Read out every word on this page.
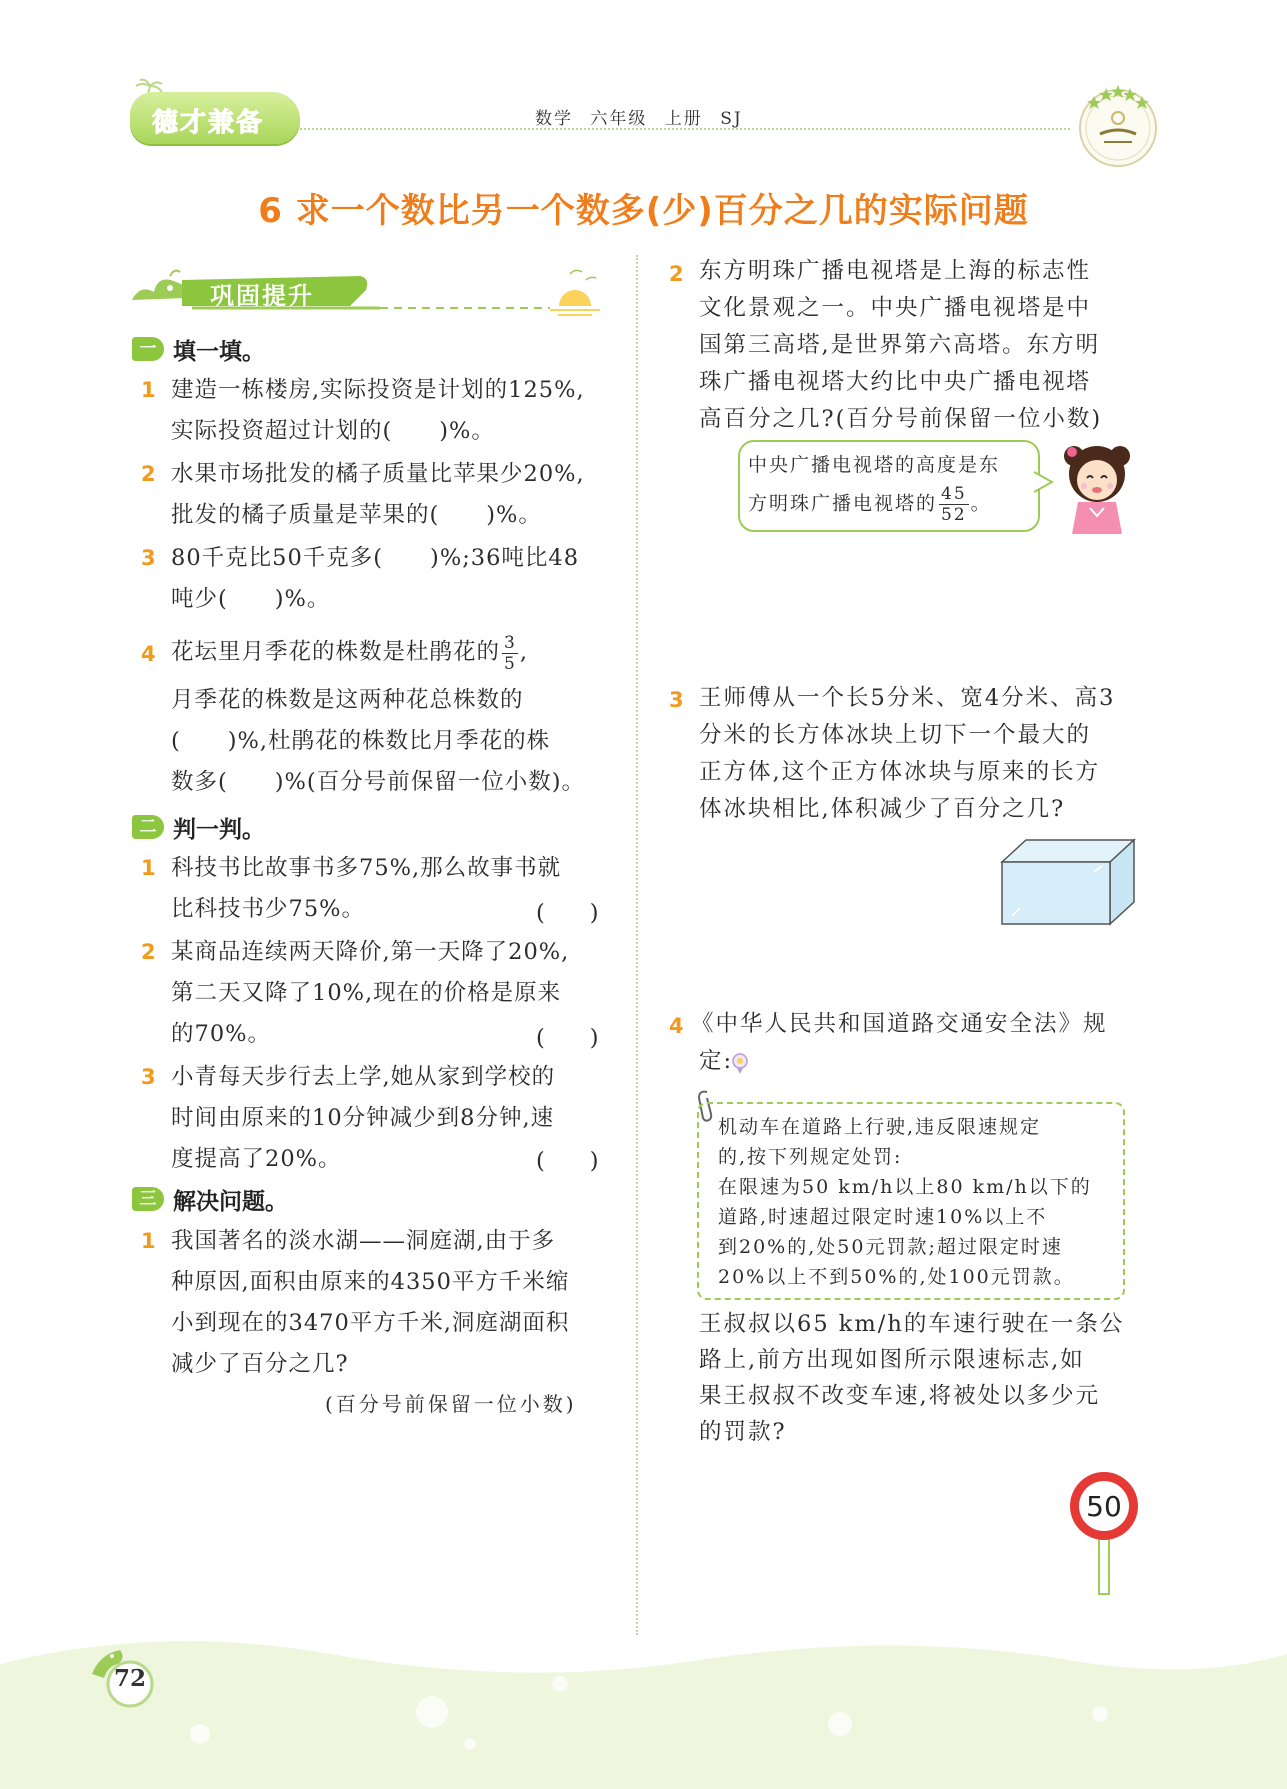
德才兼备	数学 六年级 上册 SJ
6 求一个数比另一个数多(少)百分之几的实际问题
巩固提升
一 填一填。
1 建造一栋楼房,实际投资是计划的125%,
实际投资超过计划的(　　)%。
2 水果市场批发的橘子质量比苹果少20%,
批发的橘子质量是苹果的(　　)%。
3 80千克比50千克多(　　)%;36吨比48
吨少(　　)%。
4 花坛里月季花的株数是杜鹃花的 $\frac{3}{5}$ ,
月季花的株数是这两种花总株数的
(　　)%,杜鹃花的株数比月季花的株
数多(　　)%(百分号前保留一位小数)。
二 判一判。
1 科技书比故事书多75%,那么故事书就
比科技书少75%。	(　　)
2 某商品连续两天降价,第一天降了20%,
第二天又降了10%,现在的价格是原来
的70%。	(　　)
3 小青每天步行去上学,她从家到学校的
时间由原来的10分钟减少到8分钟,速
度提高了20%。	(　　)
三 解决问题。
1 我国著名的淡水湖——洞庭湖,由于多
种原因,面积由原来的4350平方千米缩
小到现在的3470平方千米,洞庭湖面积
减少了百分之几?
(百分号前保留一位小数)
2 东方明珠广播电视塔是上海的标志性
文化景观之一。中央广播电视塔是中
国第三高塔,是世界第六高塔。东方明
珠广播电视塔大约比中央广播电视塔
高百分之几?(百分号前保留一位小数)
中央广播电视塔的高度是东
方明珠广播电视塔的 $\frac{45}{52}$ 。
3 王师傅从一个长5分米、宽4分米、高3
分米的长方体冰块上切下一个最大的
正方体,这个正方体冰块与原来的长方
体冰块相比,体积减少了百分之几?
4 《中华人民共和国道路交通安全法》规
定:
机动车在道路上行驶,违反限速规定
的,按下列规定处罚:
在限速为50 km/h以上80 km/h以下的
道路,时速超过限定时速10%以上不
到20%的,处50元罚款;超过限定时速
20%以上不到50%的,处100元罚款。
王叔叔以65 km/h的车速行驶在一条公
路上,前方出现如图所示限速标志,如
果王叔叔不改变车速,将被处以多少元
的罚款?
50
72
